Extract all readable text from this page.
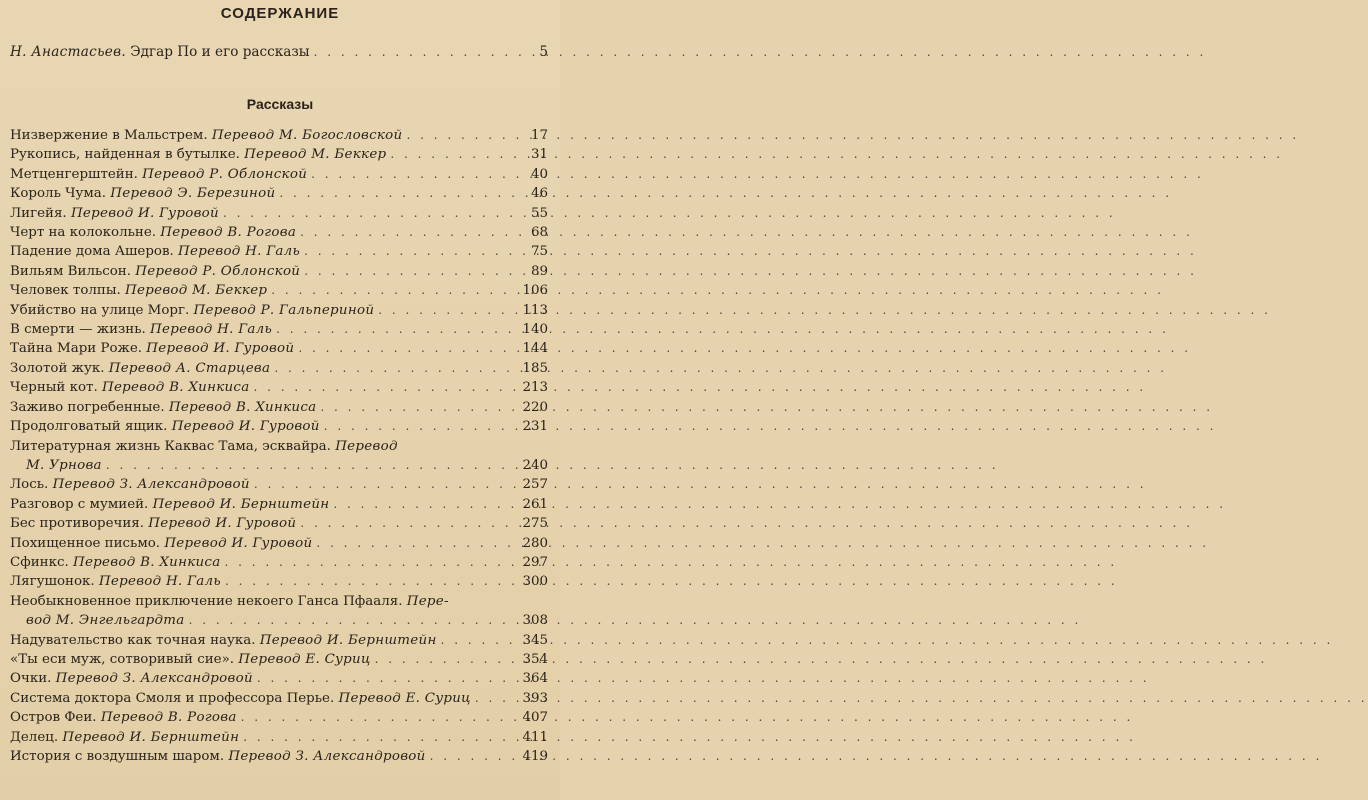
СОДЕРЖАНИЕ
Н. Анастасьев. Эдгар По и его рассказы . . .	5
Рассказы
Низвержение в Мальстрем. Перевод М. Богословской . . .	17
Рукопись, найденная в бутылке. Перевод М. Беккер . . .	31
Метценгерштейн. Перевод Р. Облонской . . .	40
Король Чума. Перевод Э. Березиной . . .	46
Лигейя. Перевод И. Гуровой . . .	55
Черт на колокольне. Перевод В. Рогова . . .	68
Падение дома Ашеров. Перевод Н. Галь . . .	75
Вильям Вильсон. Перевод Р. Облонской . . .	89
Человек толпы. Перевод М. Беккер . . .	106
Убийство на улице Морг. Перевод Р. Гальпериной . . .	113
В смерти — жизнь. Перевод Н. Галь . . .	140
Тайна Мари Роже. Перевод И. Гуровой . . .	144
Золотой жук. Перевод А. Старцева . . .	185
Черный кот. Перевод В. Хинкиса . . .	213
Заживо погребенные. Перевод В. Хинкиса . . .	220
Продолговатый ящик. Перевод И. Гуровой . . .	231
Литературная жизнь Каквас Тама, эсквайра. Перевод
М. Урнова . . .	240
Лось. Перевод З. Александровой . . .	257
Разговор с мумией. Перевод И. Бернштейн . . .	261
Бес противоречия. Перевод И. Гуровой . . .	275
Похищенное письмо. Перевод И. Гуровой . . .	280
Сфинкс. Перевод В. Хинкиса . . .	297
Лягушонок. Перевод Н. Галь . . .	300
Необыкновенное приключение некоего Ганса Пфааля. Пере-
вод М. Энгельгардта . . .	308
Надувательство как точная наука. Перевод И. Бернштейн . . .	345
«Ты еси муж, сотворивый сие». Перевод Е. Суриц . . .	354
Очки. Перевод З. Александровой . . .	364
Система доктора Смоля и профессора Перье. Перевод Е. Суриц . . .	393
Остров Феи. Перевод В. Рогова . . .	407
Делец. Перевод И. Бернштейн . . .	411
История с воздушным шаром. Перевод З. Александровой . . .	419
